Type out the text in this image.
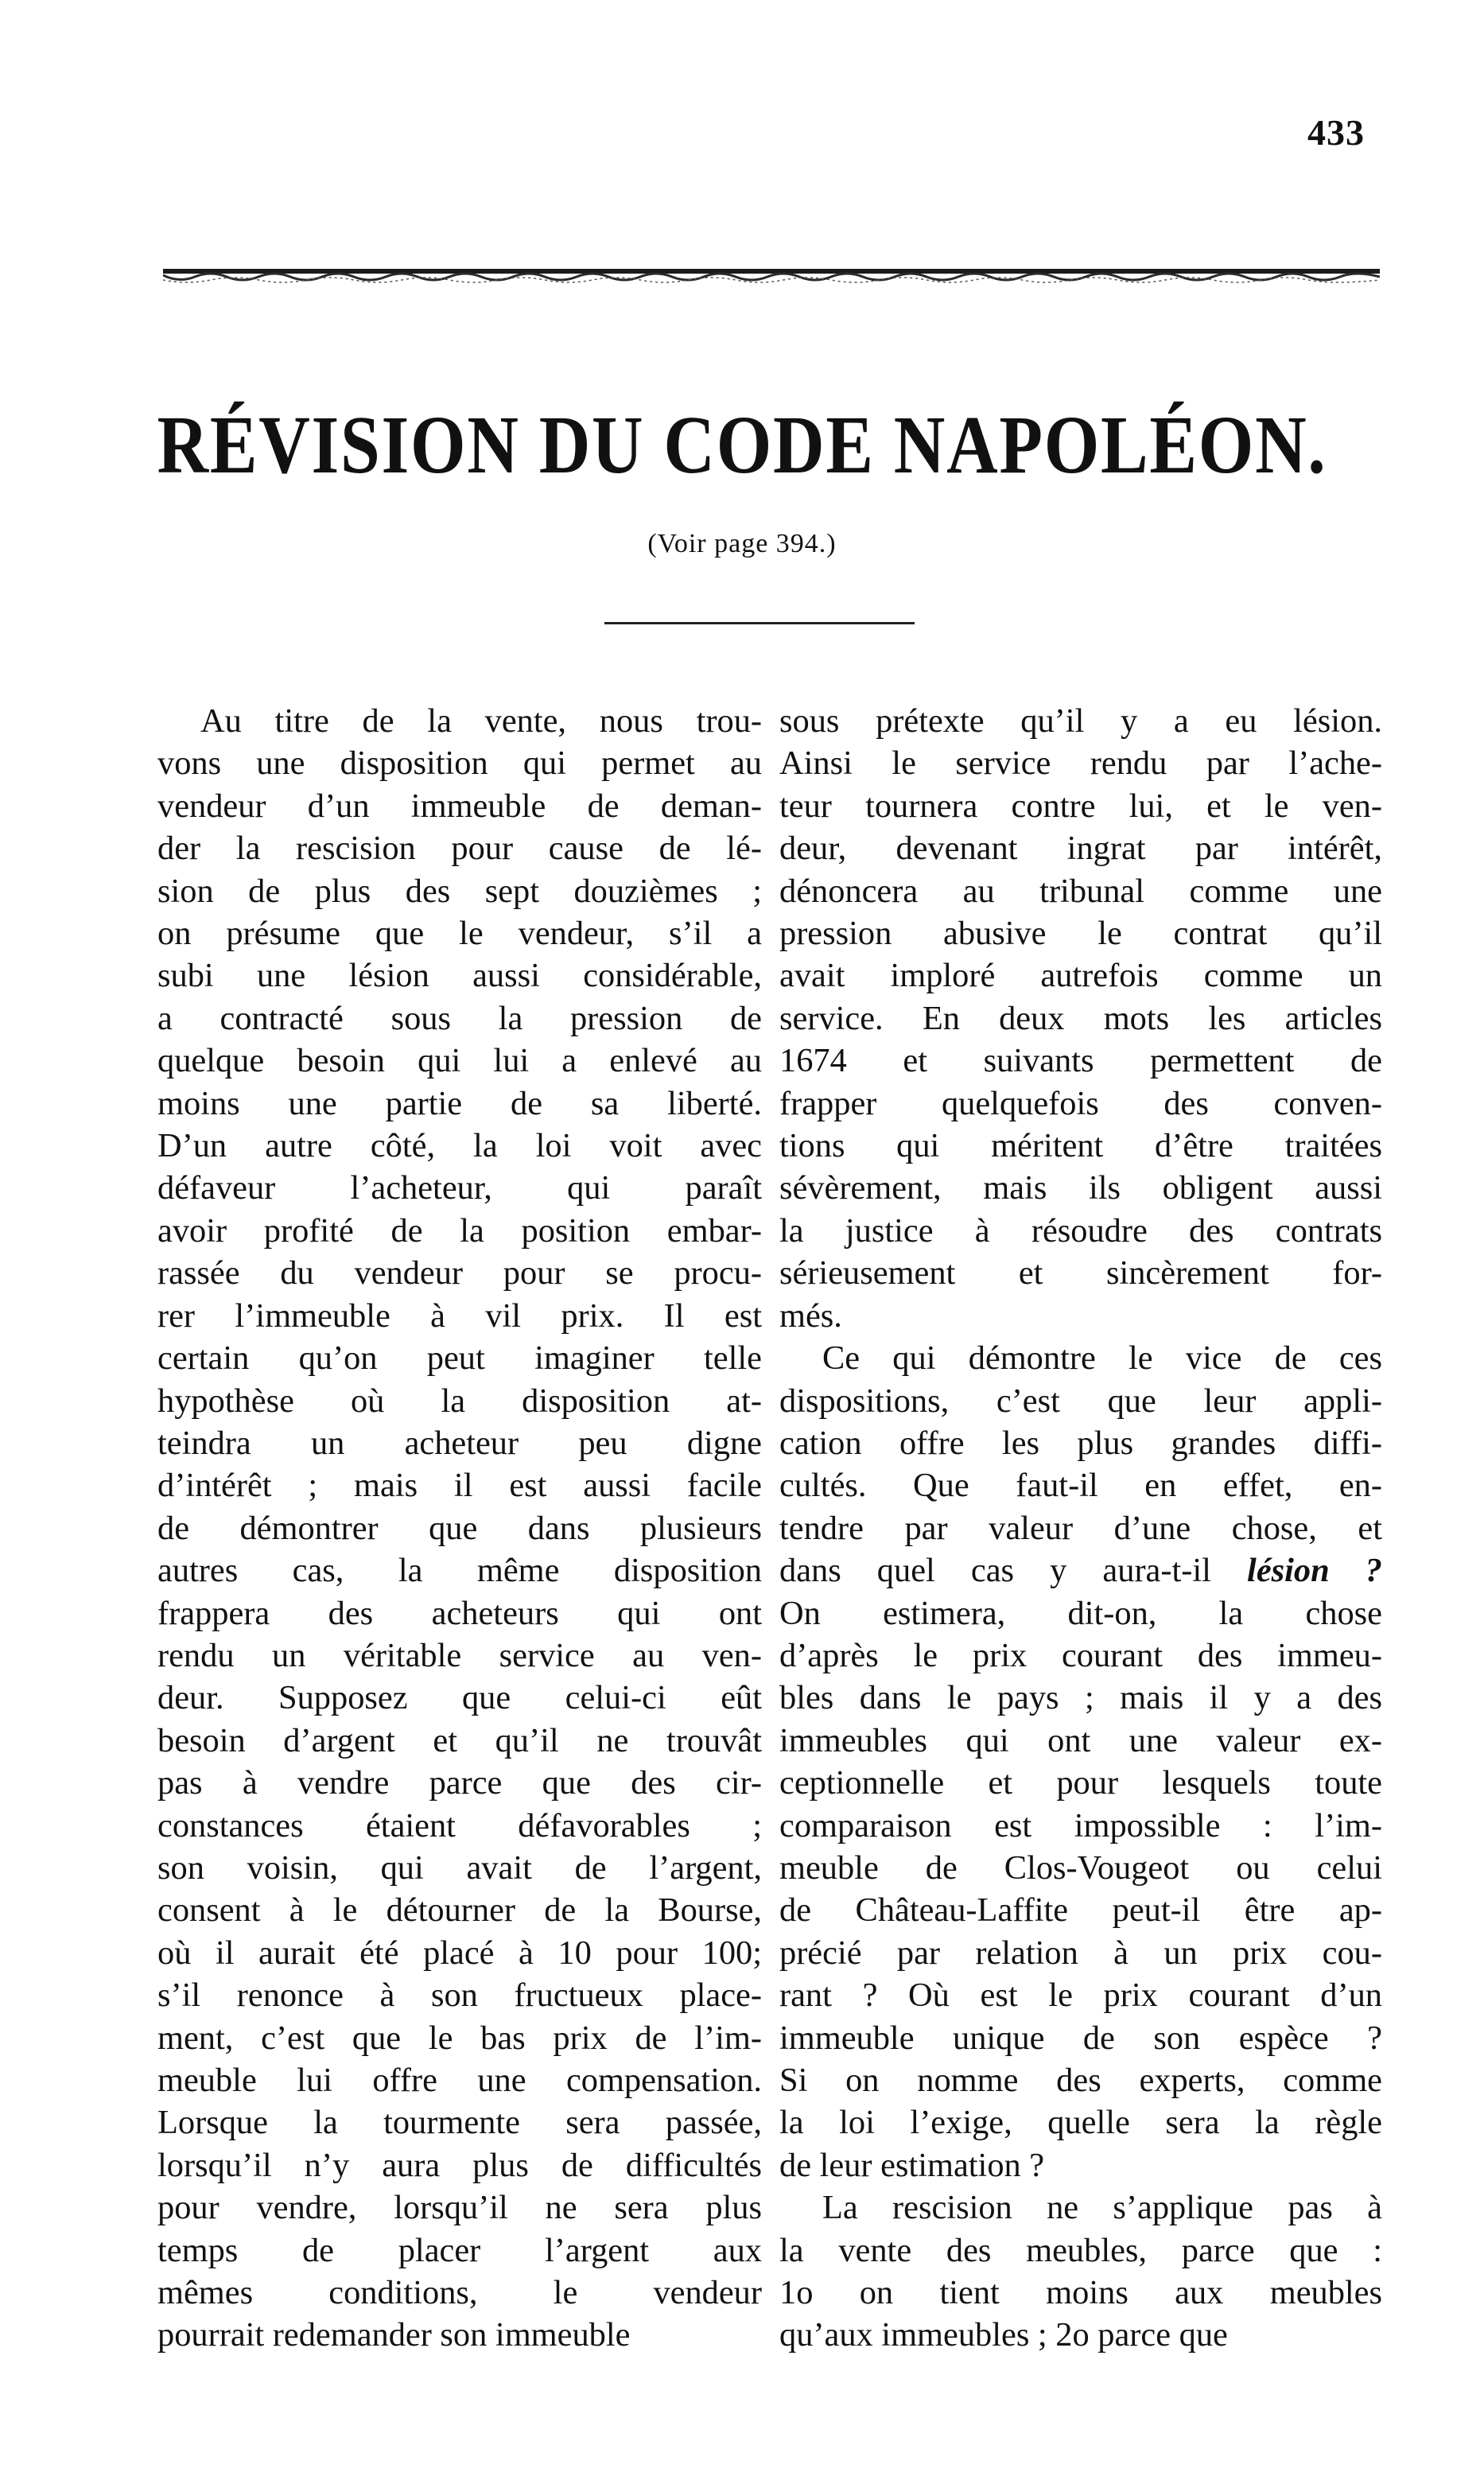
433
RÉVISION DU CODE NAPOLÉON.
(Voir page 394.)

Au titre de la vente, nous trou-
vons une disposition qui permet au
vendeur d’un immeuble de deman-
der la rescision pour cause de lé-
sion de plus des sept douzièmes ;
on présume que le vendeur, s’il a
subi une lésion aussi considérable,
a contracté sous la pression de
quelque besoin qui lui a enlevé au
moins une partie de sa liberté.
D’un autre côté, la loi voit avec
défaveur l’acheteur, qui paraît
avoir profité de la position embar-
rassée du vendeur pour se procu-
rer l’immeuble à vil prix. Il est
certain qu’on peut imaginer telle
hypothèse où la disposition at-
teindra un acheteur peu digne
d’intérêt ; mais il est aussi facile
de démontrer que dans plusieurs
autres cas, la même disposition
frappera des acheteurs qui ont
rendu un véritable service au ven-
deur. Supposez que celui-ci eût
besoin d’argent et qu’il ne trouvât
pas à vendre parce que des cir-
constances étaient défavorables ;
son voisin, qui avait de l’argent,
consent à le détourner de la Bourse,
où il aurait été placé à 10 pour 100;
s’il renonce à son fructueux place-
ment, c’est que le bas prix de l’im-
meuble lui offre une compensation.
Lorsque la tourmente sera passée,
lorsqu’il n’y aura plus de difficultés
pour vendre, lorsqu’il ne sera plus
temps de placer l’argent aux
mêmes conditions, le vendeur
pourrait redemander son immeuble

sous prétexte qu’il y a eu lésion.
Ainsi le service rendu par l’ache-
teur tournera contre lui, et le ven-
deur, devenant ingrat par intérêt,
dénoncera au tribunal comme une
pression abusive le contrat qu’il
avait imploré autrefois comme un
service. En deux mots les articles
1674 et suivants permettent de
frapper quelquefois des conven-
tions qui méritent d’être traitées
sévèrement, mais ils obligent aussi
la justice à résoudre des contrats
sérieusement et sincèrement for-
més.

Ce qui démontre le vice de ces
dispositions, c’est que leur appli-
cation offre les plus grandes diffi-
cultés. Que faut-il en effet, en-
tendre par valeur d’une chose, et
dans quel cas y aura-t-il lésion ?
On estimera, dit-on, la chose
d’après le prix courant des immeu-
bles dans le pays ; mais il y a des
immeubles qui ont une valeur ex-
ceptionnelle et pour lesquels toute
comparaison est impossible : l’im-
meuble de Clos-Vougeot ou celui
de Château-Laffite peut-il être ap-
précié par relation à un prix cou-
rant ? Où est le prix courant d’un
immeuble unique de son espèce ?
Si on nomme des experts, comme
la loi l’exige, quelle sera la règle
de leur estimation ?

La rescision ne s’applique pas à
la vente des meubles, parce que :
1o on tient moins aux meubles
qu’aux immeubles ; 2o parce que
